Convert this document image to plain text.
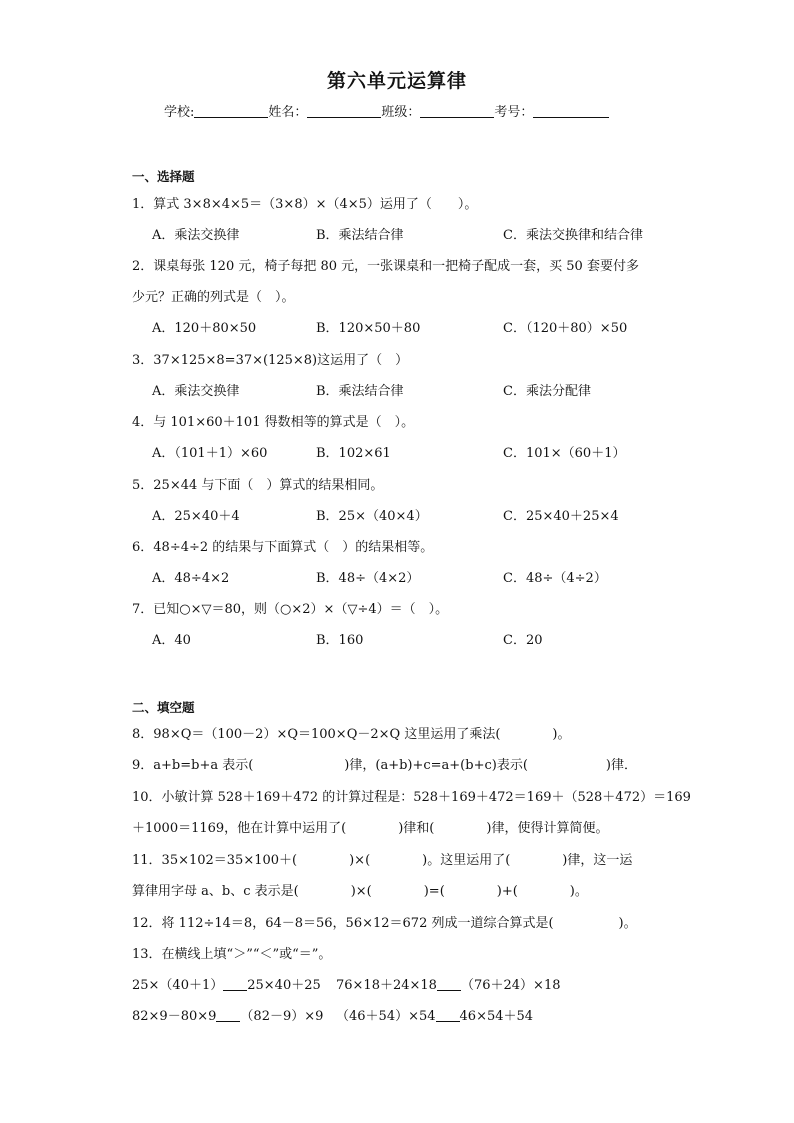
第六单元运算律
学校:	姓名：	班级：	考号：
一、选择题
1．算式 3×8×4×5＝（3×8）×（4×5）运用了（　　）。
A．乘法交换律	B．乘法结合律	C．乘法交换律和结合律
2．课桌每张 120 元，椅子每把 80 元，一张课桌和一把椅子配成一套，买 50 套要付多
少元？正确的列式是（　）。
A．120＋80×50	B．120×50＋80	C．（120＋80）×50
3．37×125×8=37×(125×8)这运用了（　）
A．乘法交换律	B．乘法结合律	C．乘法分配律
4．与 101×60＋101 得数相等的算式是（　）。
A．（101＋1）×60	B．102×61	C．101×（60＋1）
5．25×44 与下面（　）算式的结果相同。
A．25×40＋4	B．25×（40×4）	C．25×40＋25×4
6．48÷4÷2 的结果与下面算式（　）的结果相等。
A．48÷4×2	B．48÷（4×2）	C．48÷（4÷2）
7．已知○×▽＝80，则（○×2）×（▽÷4）＝（　）。
A．40	B．160	C．20
二、填空题
8．98×Q＝（100－2）×Q＝100×Q－2×Q 这里运用了乘法(　　　　)。
9．a+b=b+a 表示(　　　　　　　)律，(a+b)+c=a+(b+c)表示(　　　　　　)律．
10．小敏计算 528＋169＋472 的计算过程是：528＋169＋472＝169＋（528＋472）＝169
＋1000＝1169，他在计算中运用了(　　　　)律和(　　　　)律，使得计算简便。
11．35×102＝35×100＋(　　　　)×(　　　　)。这里运用了(　　　　)律，这一运
算律用字母 a、b、c 表示是(　　　　)×(　　　　)=(　　　　)+(　　　　)。
12．将 112÷14＝8，64－8＝56，56×12＝672 列成一道综合算式是(　　　　　)。
13．在横线上填“＞”“＜”或“＝”。
25×（40＋1） 25×40＋25 76×18＋24×18 （76＋24）×18
82×9－80×9 （82－9）×9 （46＋54）×54 46×54＋54
